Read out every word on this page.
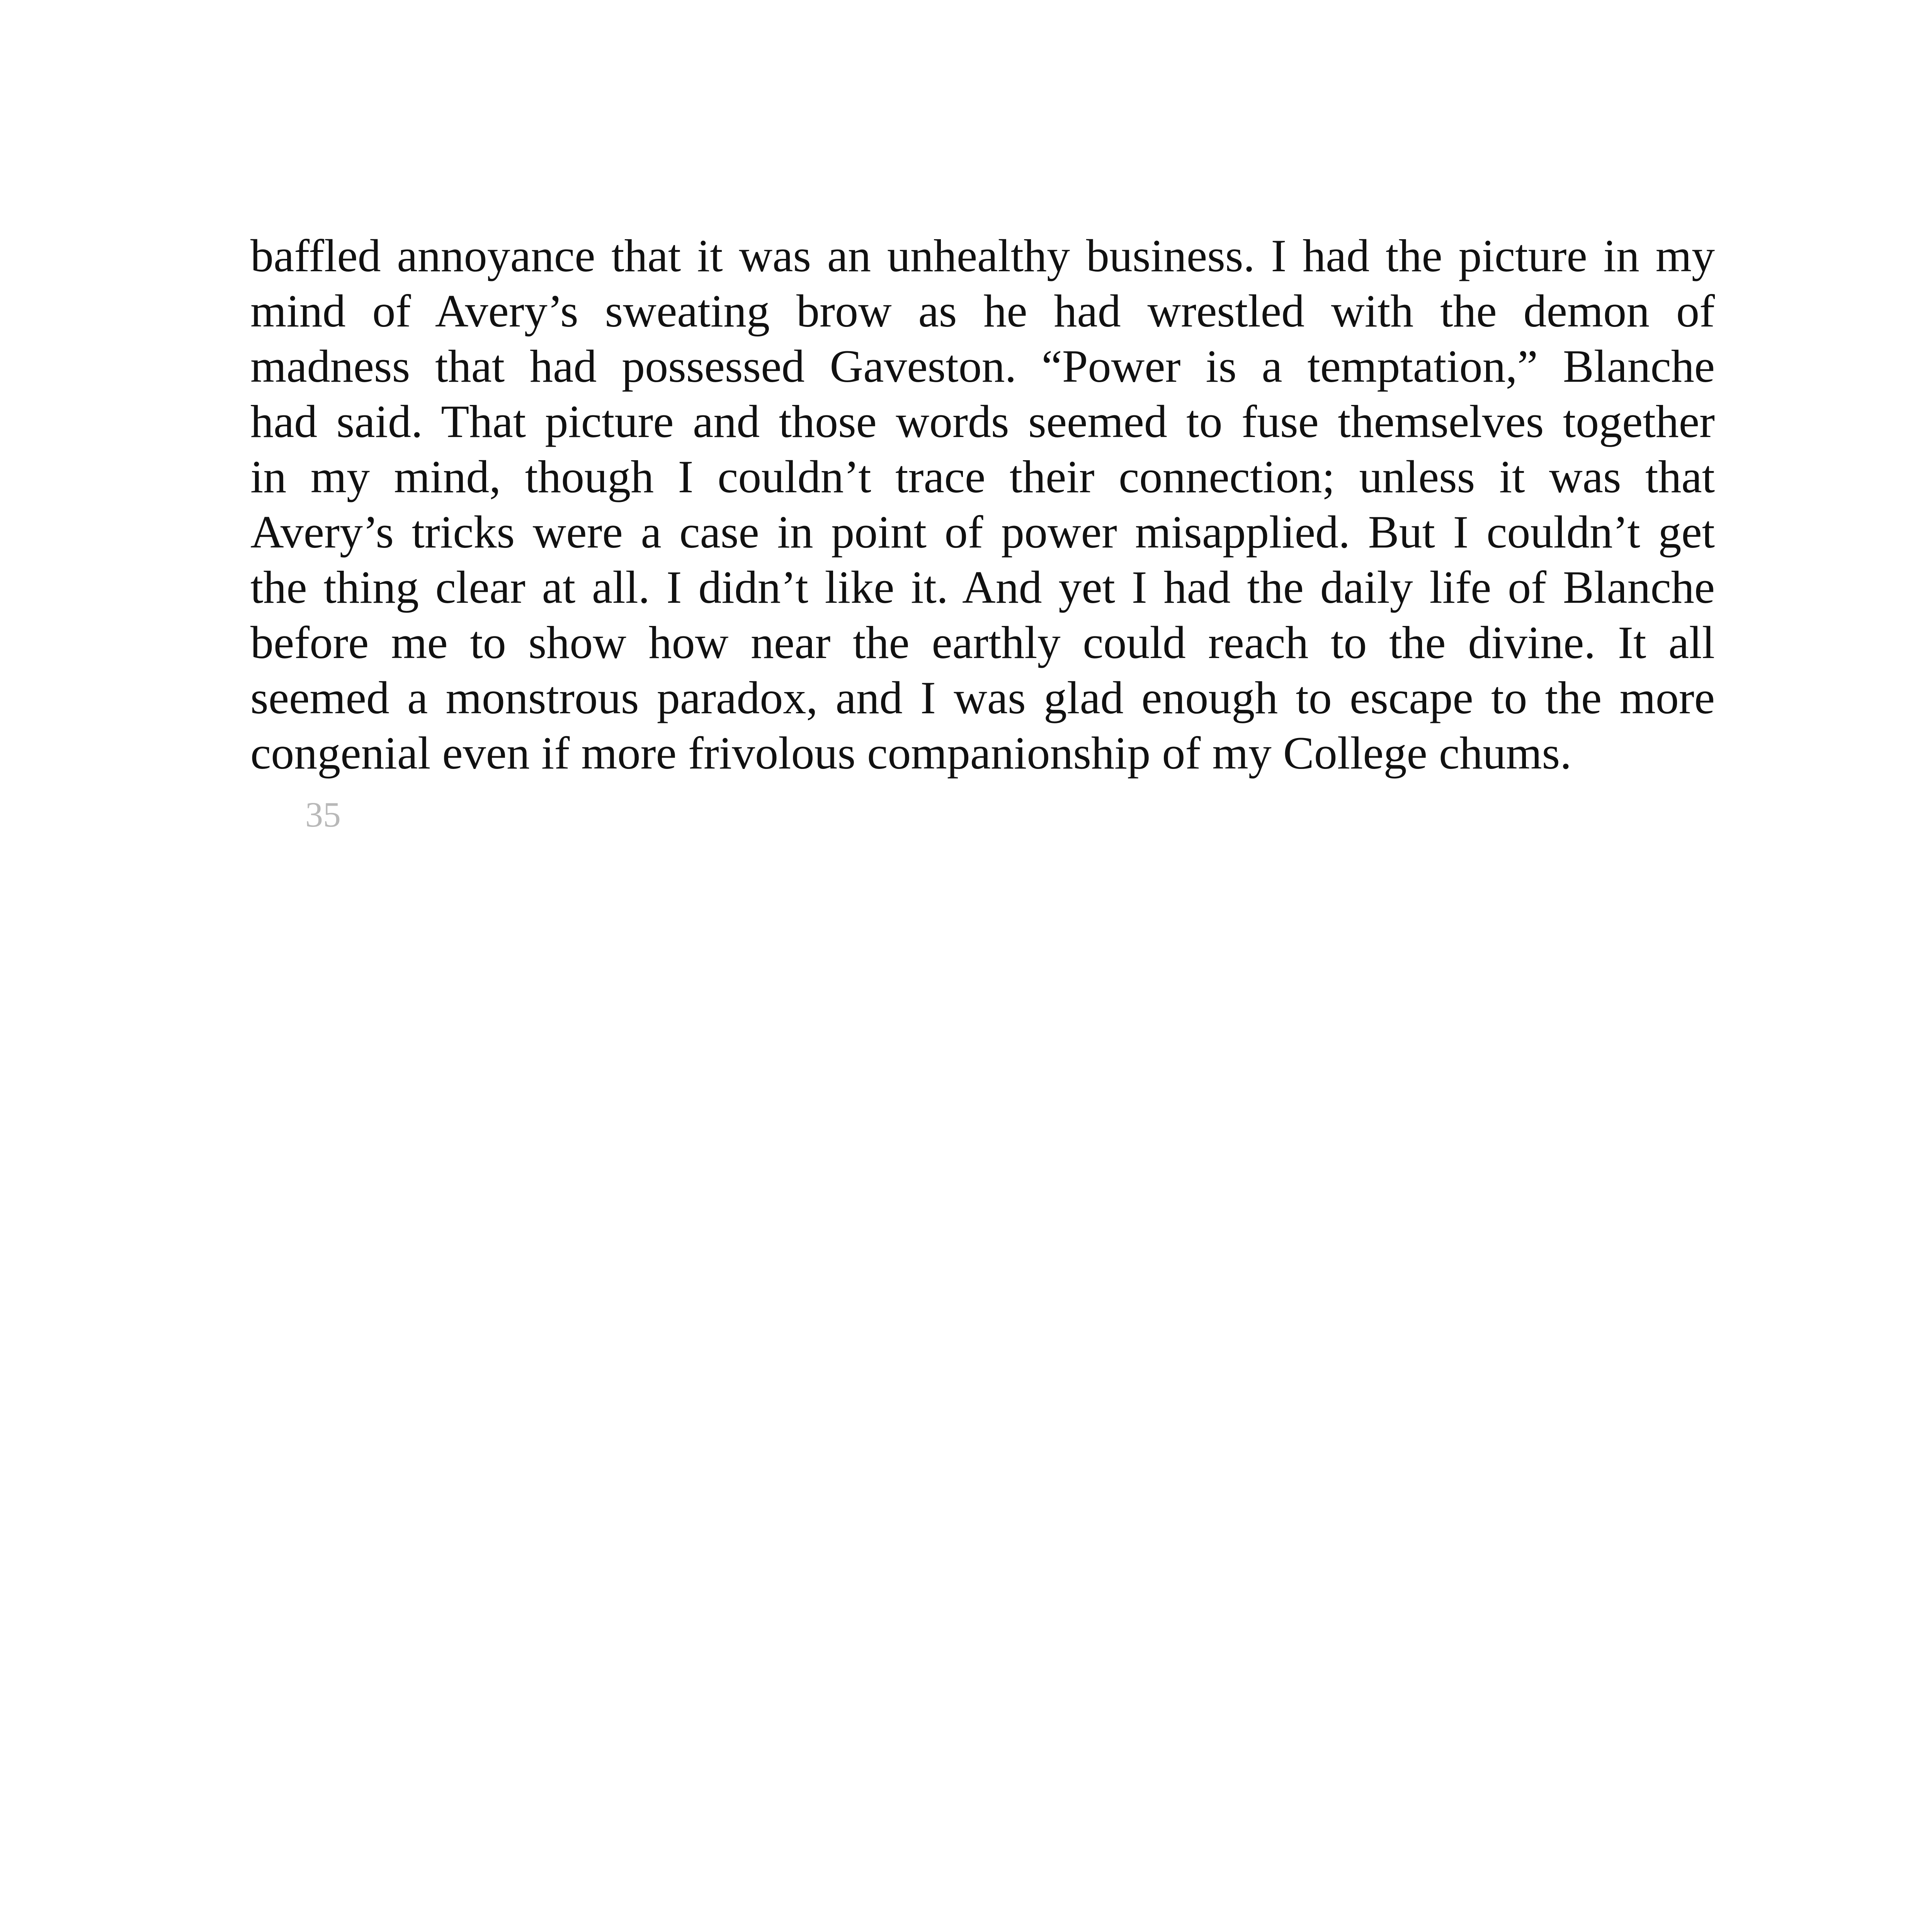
baffled annoyance that it was an unhealthy business. I had the picture in my
mind of Avery’s sweating brow as he had wrestled with the demon of
madness that had possessed Gaveston. “Power is a temptation,” Blanche
had said. That picture and those words seemed to fuse themselves together
in my mind, though I couldn’t trace their connection; unless it was that
Avery’s tricks were a case in point of power misapplied. But I couldn’t get
the thing clear at all. I didn’t like it. And yet I had the daily life of Blanche
before me to show how near the earthly could reach to the divine. It all
seemed a monstrous paradox, and I was glad enough to escape to the more
congenial even if more frivolous companionship of my College chums.
35
